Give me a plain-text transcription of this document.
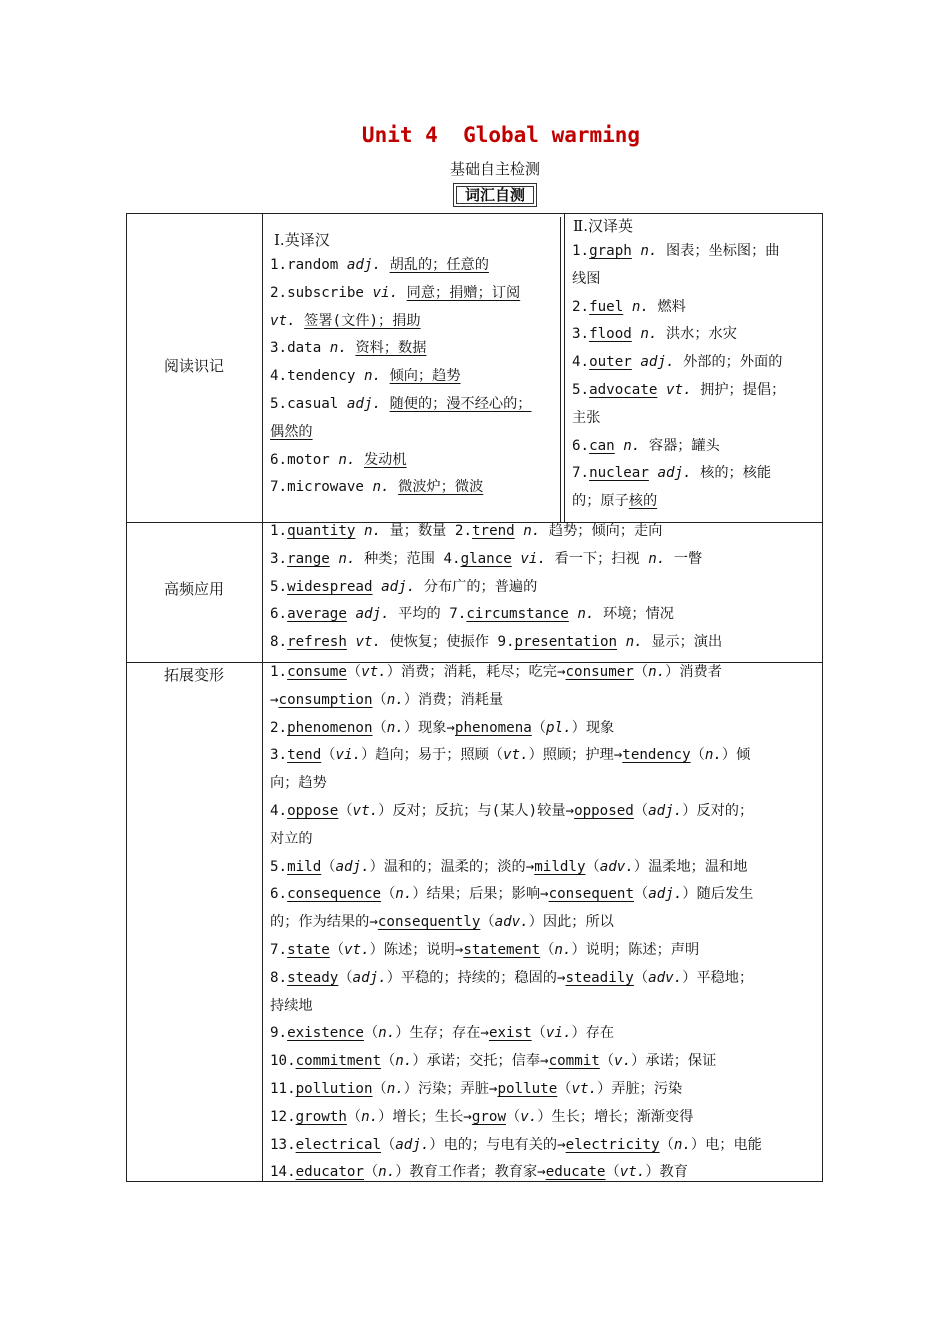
Unit 4  Global warming
基础自主检测
词汇自测
阅读识记
高频应用
拓展变形
Ⅰ.英译汉
1.random adj. 胡乱的；任意的
2.subscribe vi. 同意；捐赠；订阅
vt. 签署(文件)；捐助
3.data n. 资料；数据
4.tendency n. 倾向；趋势
5.casual adj. 随便的；漫不经心的；
偶然的
6.motor n. 发动机
7.microwave n. 微波炉；微波
Ⅱ.汉译英
1.graph n. 图表；坐标图；曲
线图
2.fuel n. 燃料
3.flood n. 洪水；水灾
4.outer adj. 外部的；外面的
5.advocate vt. 拥护；提倡；
主张
6.can n. 容器；罐头
7.nuclear adj. 核的；核能
的；原子核的
1.quantity n. 量；数量 2.trend n. 趋势；倾向；走向
3.range n. 种类；范围 4.glance vi. 看一下；扫视 n. 一瞥
5.widespread adj. 分布广的；普遍的
6.average adj. 平均的 7.circumstance n. 环境；情况
8.refresh vt. 使恢复；使振作 9.presentation n. 显示；演出
1.consume（vt.）消费；消耗，耗尽；吃完→consumer（n.）消费者
→consumption（n.）消费；消耗量
2.phenomenon（n.）现象→phenomena（pl.）现象
3.tend（vi.）趋向；易于；照顾（vt.）照顾；护理→tendency（n.）倾
向；趋势
4.oppose（vt.）反对；反抗；与(某人)较量→opposed（adj.）反对的；
对立的
5.mild（adj.）温和的；温柔的；淡的→mildly（adv.）温柔地；温和地
6.consequence（n.）结果；后果；影响→consequent（adj.）随后发生
的；作为结果的→consequently（adv.）因此；所以
7.state（vt.）陈述；说明→statement（n.）说明；陈述；声明
8.steady（adj.）平稳的；持续的；稳固的→steadily（adv.）平稳地；
持续地
9.existence（n.）生存；存在→exist（vi.）存在
10.commitment（n.）承诺；交托；信奉→commit（v.）承诺；保证
11.pollution（n.）污染；弄脏→pollute（vt.）弄脏；污染
12.growth（n.）增长；生长→grow（v.）生长；增长；渐渐变得
13.electrical（adj.）电的；与电有关的→electricity（n.）电；电能
14.educator（n.）教育工作者；教育家→educate（vt.）教育
